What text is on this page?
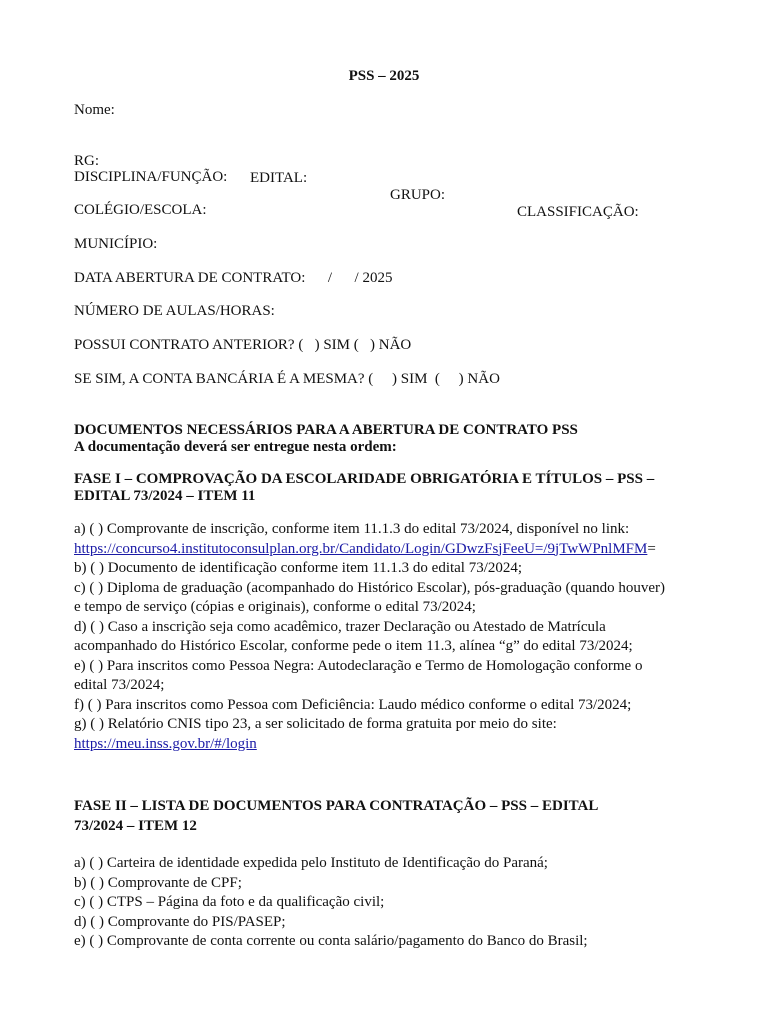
PSS – 2025
Nome:

RG:

EDITAL:

GRUPO:

CLASSIFICAÇÃO:

DISCIPLINA/FUNÇÃO:
COLÉGIO/ESCOLA:
MUNICÍPIO:
DATA ABERTURA DE CONTRATO:      /      / 2025
NÚMERO DE AULAS/HORAS:
POSSUI CONTRATO ANTERIOR? (   ) SIM (   ) NÃO
SE SIM, A CONTA BANCÁRIA É A MESMA? (     ) SIM  (     ) NÃO
DOCUMENTOS NECESSÁRIOS PARA A ABERTURA DE CONTRATO PSS
A documentação deverá ser entregue nesta ordem:
FASE I – COMPROVAÇÃO DA ESCOLARIDADE OBRIGATÓRIA E TÍTULOS – PSS – EDITAL 73/2024 – ITEM 11

a) ( ) Comprovante de inscrição, conforme item 11.1.3 do edital 73/2024, disponível no link:

https://concurso4.institutoconsulplan.org.br/Candidato/Login/GDwzFsjFeeU=/9jTwWPnlMFM=

b) ( ) Documento de identificação conforme item 11.1.3 do edital 73/2024;

c) ( ) Diploma de graduação (acompanhado do Histórico Escolar), pós-graduação (quando houver) e tempo de serviço (cópias e originais), conforme o edital 73/2024;

d) ( ) Caso a inscrição seja como acadêmico, trazer Declaração ou Atestado de Matrícula acompanhado do Histórico Escolar, conforme pede o item 11.3, alínea “g” do edital 73/2024;

e) ( ) Para inscritos como Pessoa Negra: Autodeclaração e Termo de Homologação conforme o edital 73/2024;

f) ( ) Para inscritos como Pessoa com Deficiência: Laudo médico conforme o edital 73/2024;

g) ( ) Relatório CNIS tipo 23, a ser solicitado de forma gratuita por meio do site:

https://meu.inss.gov.br/#/login

FASE II – LISTA DE DOCUMENTOS PARA CONTRATAÇÃO – PSS – EDITAL 73/2024 – ITEM 12

a) ( ) Carteira de identidade expedida pelo Instituto de Identificação do Paraná;

b) ( ) Comprovante de CPF;

c) ( ) CTPS – Página da foto e da qualificação civil;

d) ( ) Comprovante do PIS/PASEP;

e) ( ) Comprovante de conta corrente ou conta salário/pagamento do Banco do Brasil;
